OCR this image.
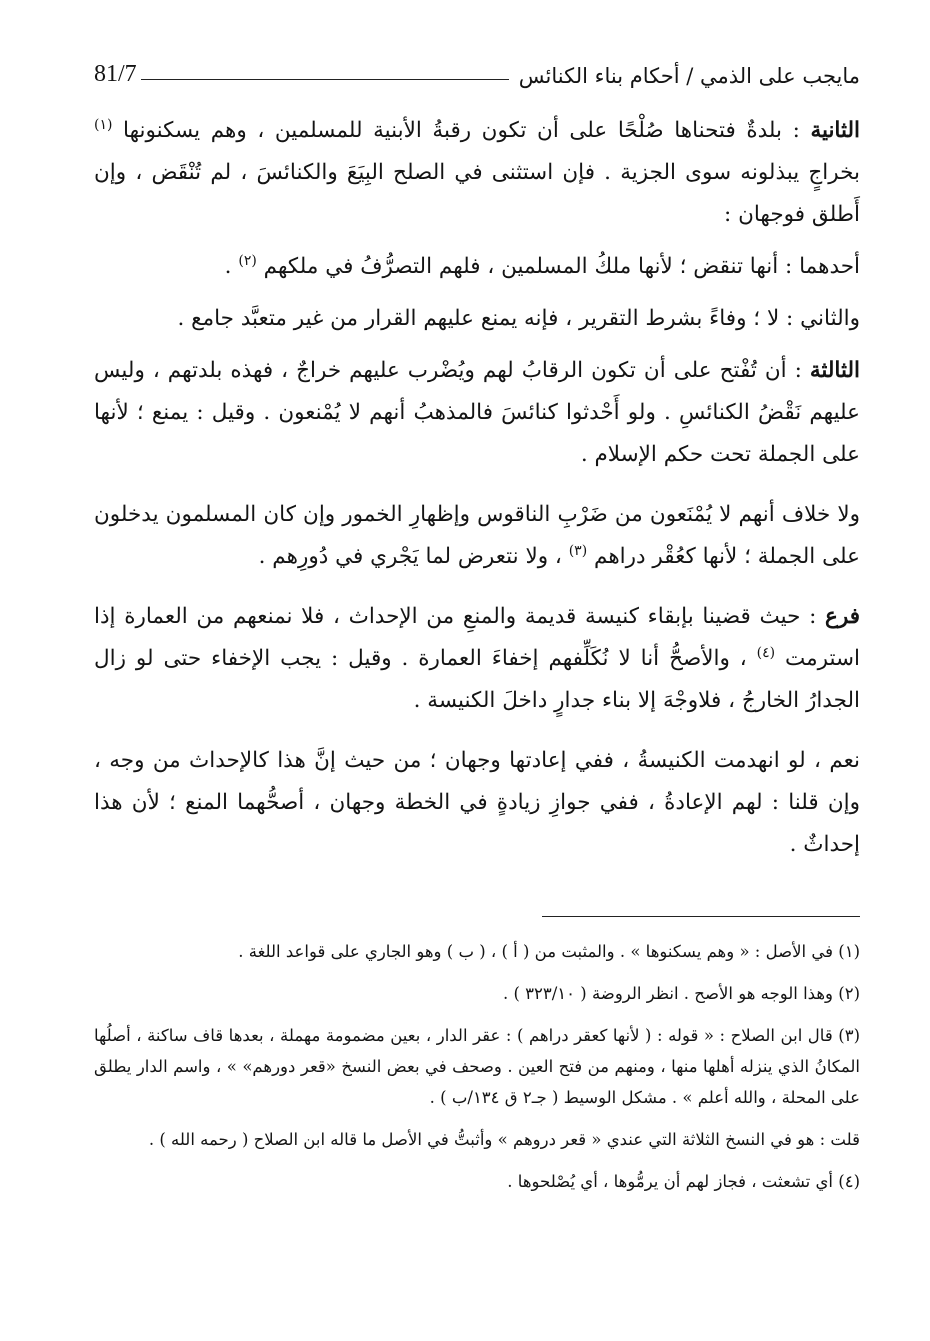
مايجب على الذمي / أحكام بناء الكنائس
81/7

الثانية : بلدةٌ فتحناها صُلْحًا على أن تكون رقبةُ الأبنية للمسلمين ، وهم يسكنونها $^{(١)}$ بخراجٍ يبذلونه سوى الجزية . فإن استثنى في الصلح البِيَعَ والكنائسَ ، لم تُنْقَض ، وإن أَطلق فوجهان :

أحدهما : أنها تنقض ؛ لأنها ملكُ المسلمين ، فلهم التصرُّفُ في ملكهم $^{(٢)}$ .

والثاني : لا ؛ وفاءً بشرط التقرير ، فإنه يمنع عليهم القرار من غير متعبَّد جامع .

الثالثة : أن تُفْتح على أن تكون الرقابُ لهم ويُضْرب عليهم خراجٌ ، فهذه بلدتهم ، وليس عليهم نَقْضُ الكنائسِ . ولو أَحْدثوا كنائسَ فالمذهبُ أنهم لا يُمْنعون . وقيل : يمنع ؛ لأنها على الجملة تحت حكم الإسلام .

ولا خلاف أنهم لا يُمْنَعون من ضَرْبِ الناقوس وإظهارِ الخمور وإن كان المسلمون يدخلون على الجملة ؛ لأنها كعُقْر دراهم $^{(٣)}$ ، ولا نتعرض لما يَجْري في دُورِهم .

فرع : حيث قضينا بإبقاء كنيسة قديمة والمنعِ من الإحداث ، فلا نمنعهم من العمارة إذا استرمت $^{(٤)}$ ، والأصحُّ أنا لا نُكَلِّفهم إخفاءَ العمارة . وقيل : يجب الإخفاء حتى لو زال الجدارُ الخارجُ ، فلاوجْهَ إلا بناء جدارٍ داخلَ الكنيسة .

نعم ، لو انهدمت الكنيسةُ ، ففي إعادتها وجهان ؛ من حيث إنَّ هذا كالإحداث من وجه ، وإن قلنا : لهم الإعادةُ ، ففي جوازِ زيادةٍ في الخطة وجهان ، أصحُّهما المنع ؛ لأن هذا إحداثٌ .

(١) في الأصل : « وهم يسكنوها » . والمثبت من ( أ ) ، ( ب ) وهو الجاري على قواعد اللغة .

(٢) وهذا الوجه هو الأصح . انظر الروضة ( ٣٢٣/١٠ ) .

(٣) قال ابن الصلاح : « قوله : ( لأنها كعقر دراهم ) : عقر الدار ، بعين مضمومة مهملة ، بعدها قاف ساكنة ، أصلُها المكانُ الذي ينزله أهلها منها ، ومنهم من فتح العين . وصحف في بعض النسخ «قعر دورهم» » ، واسم الدار يطلق على المحلة ، والله أعلم » . مشكل الوسيط ( جـ٢ ق ١٣٤/ب ) .

قلت : هو في النسخ الثلاثة التي عندي « قعر دروهم » وأثبتُّ في الأصل ما قاله ابن الصلاح ( رحمه الله ) .

(٤) أي تشعثت ، فجاز لهم أن يرمُّوها ، أي يُصْلحوها .
